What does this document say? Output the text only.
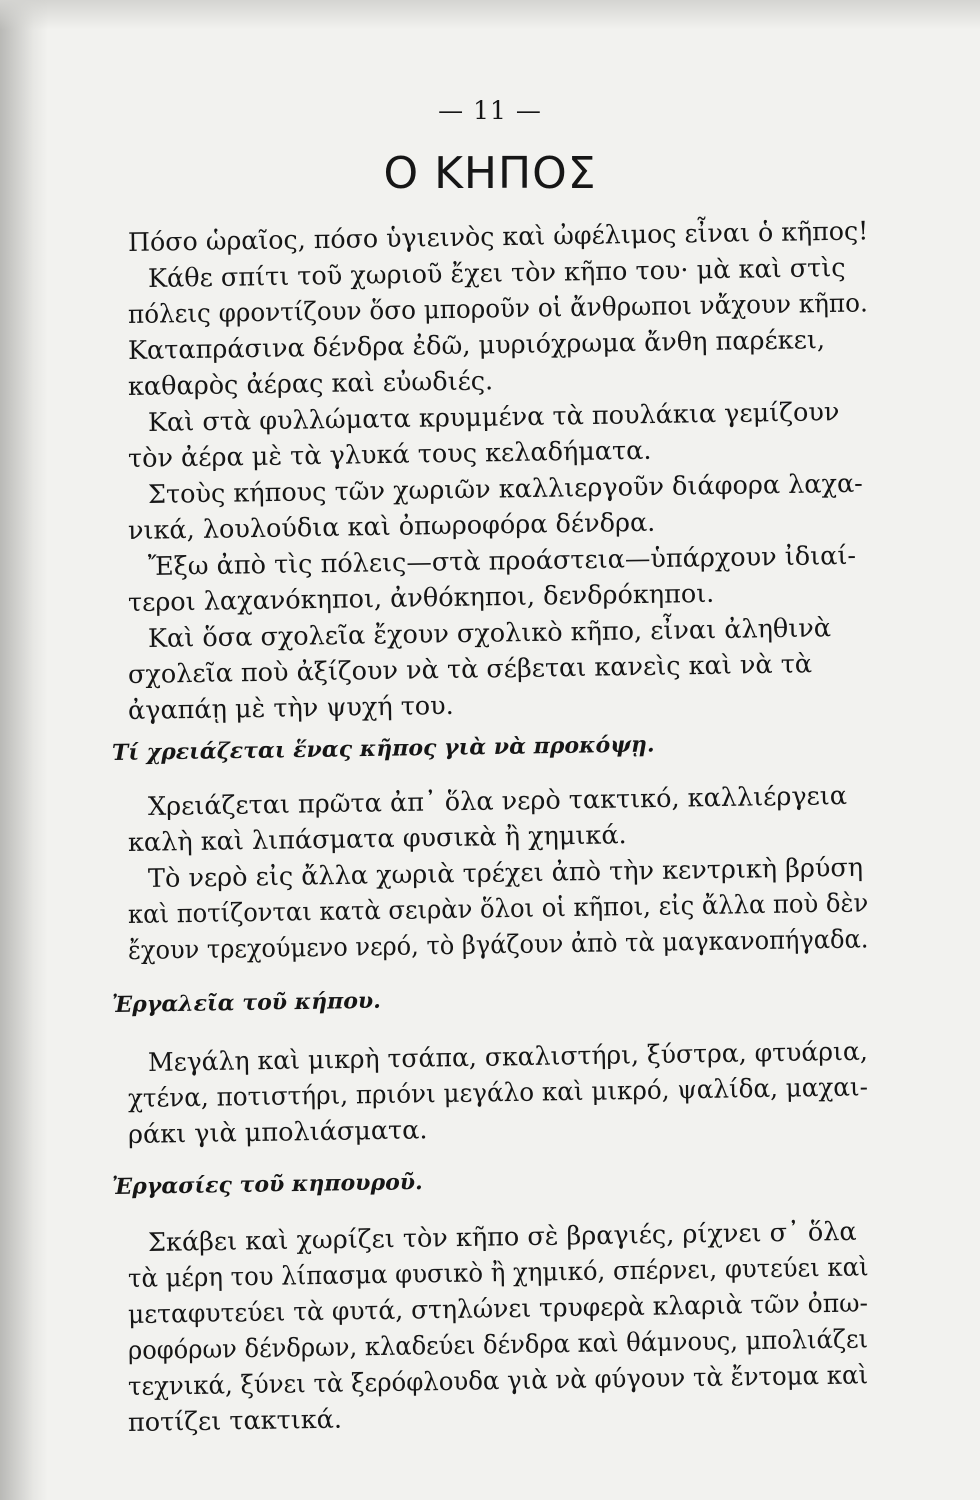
— 11 —
Ο ΚΗΠΟΣ
Πόσο ὡραῖος, πόσο ὑγιεινὸς καὶ ὠφέλιμος εἶναι ὁ κῆπος!
Κάθε σπίτι τοῦ χωριοῦ ἔχει τὸν κῆπο του· μὰ καὶ στὶς
πόλεις φροντίζουν ὅσο μποροῦν οἱ ἄνθρωποι νἄχουν κῆπο.
Καταπράσινα δένδρα ἐδῶ, μυριόχρωμα ἄνθη παρέκει,
καθαρὸς ἀέρας καὶ εὐωδιές.
Καὶ στὰ φυλλώματα κρυμμένα τὰ πουλάκια γεμίζουν
τὸν ἀέρα μὲ τὰ γλυκά τους κελαδήματα.
Στοὺς κήπους τῶν χωριῶν καλλιεργοῦν διάφορα λαχα-
νικά, λουλούδια καὶ ὀπωροφόρα δένδρα.
Ἔξω ἀπὸ τὶς πόλεις—στὰ προάστεια—ὑπάρχουν ἰδιαί-
τεροι λαχανόκηποι, ἀνθόκηποι, δενδρόκηποι.
Καὶ ὅσα σχολεῖα ἔχουν σχολικὸ κῆπο, εἶναι ἀληθινὰ
σχολεῖα ποὺ ἀξίζουν νὰ τὰ σέβεται κανεὶς καὶ νὰ τὰ
ἀγαπάῃ μὲ τὴν ψυχή του.
Τί χρειάζεται ἕνας κῆπος γιὰ νὰ προκόψῃ.
Χρειάζεται πρῶτα ἀπ᾽ ὅλα νερὸ τακτικό, καλλιέργεια
καλὴ καὶ λιπάσματα φυσικὰ ἢ χημικά.
Τὸ νερὸ εἰς ἄλλα χωριὰ τρέχει ἀπὸ τὴν κεντρικὴ βρύση
καὶ ποτίζονται κατὰ σειρὰν ὅλοι οἱ κῆποι, εἰς ἄλλα ποὺ δὲν
ἔχουν τρεχούμενο νερό, τὸ βγάζουν ἀπὸ τὰ μαγκανοπήγαδα.
Ἐργαλεῖα τοῦ κήπου.
Μεγάλη καὶ μικρὴ τσάπα, σκαλιστήρι, ξύστρα, φτυάρια,
χτένα, ποτιστήρι, πριόνι μεγάλο καὶ μικρό, ψαλίδα, μαχαι-
ράκι γιὰ μπολιάσματα.
Ἐργασίες τοῦ κηπουροῦ.
Σκάβει καὶ χωρίζει τὸν κῆπο σὲ βραγιές, ρίχνει σ᾽ ὅλα
τὰ μέρη του λίπασμα φυσικὸ ἢ χημικό, σπέρνει, φυτεύει καὶ
μεταφυτεύει τὰ φυτά, στηλώνει τρυφερὰ κλαριὰ τῶν ὀπω-
ροφόρων δένδρων, κλαδεύει δένδρα καὶ θάμνους, μπολιάζει
τεχνικά, ξύνει τὰ ξερόφλουδα γιὰ νὰ φύγουν τὰ ἔντομα καὶ
ποτίζει τακτικά.
